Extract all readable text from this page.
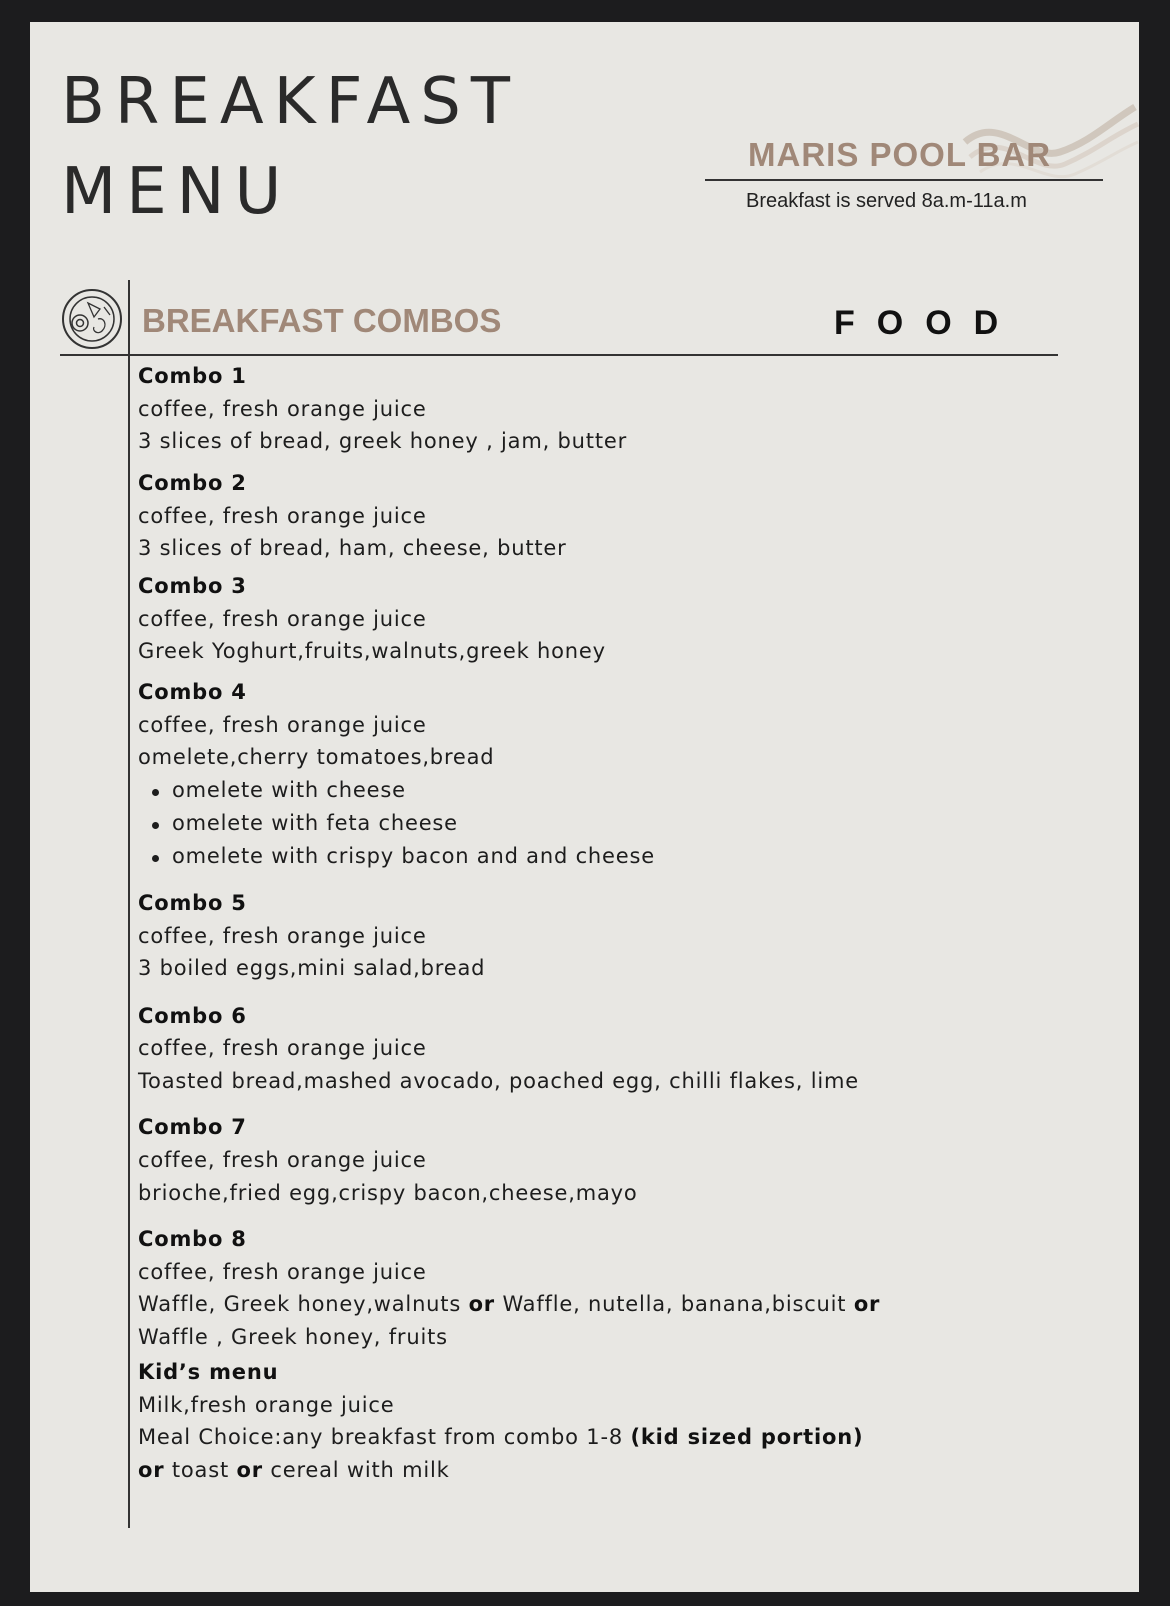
BREAKFAST
MENU
MARIS POOL BAR
Breakfast is served 8a.m-11a.m
BREAKFAST COMBOS	FOOD
Combo 1
coffee, fresh orange juice
3 slices of bread, greek honey , jam, butter
Combo 2
coffee, fresh orange juice
3 slices of bread, ham, cheese, butter
Combo 3
coffee, fresh orange juice
Greek Yoghurt,fruits,walnuts,greek honey
Combo 4
coffee, fresh orange juice
omelete,cherry tomatoes,bread
omelete with cheese
omelete with feta cheese
omelete with crispy bacon and and cheese
Combo 5
coffee, fresh orange juice
3 boiled eggs,mini salad,bread
Combo 6
coffee, fresh orange juice
Toasted bread,mashed avocado, poached egg, chilli flakes, lime
Combo 7
coffee, fresh orange juice
brioche,fried egg,crispy bacon,cheese,mayo
Combo 8
coffee, fresh orange juice
Waffle, Greek honey,walnuts or Waffle, nutella, banana,biscuit or
Waffle , Greek honey, fruits
Kid’s menu
Milk,fresh orange juice
Meal Choice:any breakfast from combo 1-8 (kid sized portion)
or toast or cereal with milk
